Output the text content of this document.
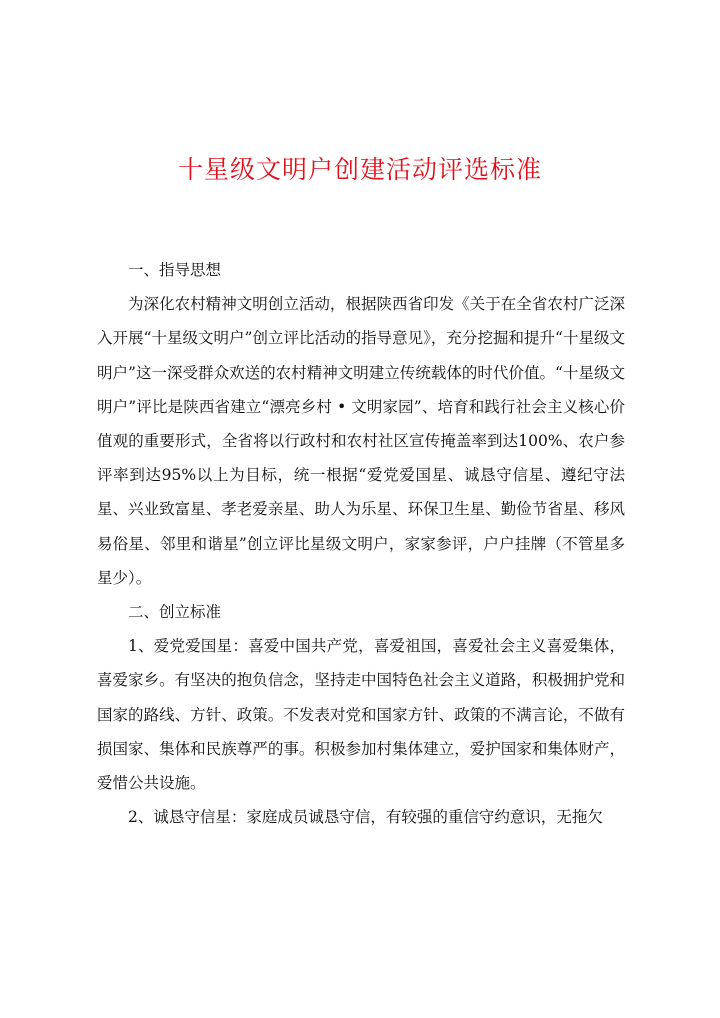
十星级文明户创建活动评选标准

一、指导思想

为深化农村精神文明创立活动，根据陕西省印发《关于在全省农村广泛深入开展“十星级文明户”创立评比活动的指导意见》，充分挖掘和提升“十星级文明户”这一深受群众欢送的农村精神文明建立传统载体的时代价值。“十星级文明户”评比是陕西省建立“漂亮乡村 • 文明家园”、培育和践行社会主义核心价值观的重要形式，全省将以行政村和农村社区宣传掩盖率到达100%、农户参评率到达95%以上为目标，统一根据“爱党爱国星、诚恳守信星、遵纪守法星、兴业致富星、孝老爱亲星、助人为乐星、环保卫生星、勤俭节省星、移风易俗星、邻里和谐星”创立评比星级文明户，家家参评，户户挂牌（不管星多星少）。

二、创立标准

1、爱党爱国星：喜爱中国共产党，喜爱祖国，喜爱社会主义喜爱集体，喜爱家乡。有坚决的抱负信念，坚持走中国特色社会主义道路，积极拥护党和国家的路线、方针、政策。不发表对党和国家方针、政策的不满言论，不做有损国家、集体和民族尊严的事。积极参加村集体建立，爱护国家和集体财产，爱惜公共设施。

2、诚恳守信星：家庭成员诚恳守信，有较强的重信守约意识，无拖欠
